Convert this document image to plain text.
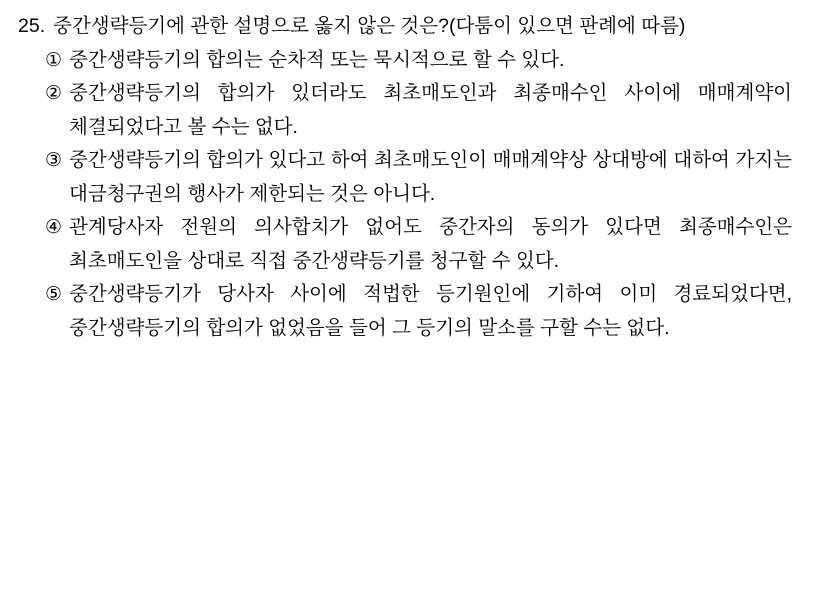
25. 중간생략등기에 관한 설명으로 옳지 않은 것은?(다툼이 있으면 판례에 따름)
① 중간생략등기의 합의는 순차적 또는 묵시적으로 할 수 있다.
② 중간생략등기의 합의가 있더라도 최초매도인과 최종매수인 사이에 매매계약이 체결되었다고 볼 수는 없다.
③ 중간생략등기의 합의가 있다고 하여 최초매도인이 매매계약상 상대방에 대하여 가지는 대금청구권의 행사가 제한되는 것은 아니다.
④ 관계당사자 전원의 의사합치가 없어도 중간자의 동의가 있다면 최종매수인은 최초매도인을 상대로 직접 중간생략등기를 청구할 수 있다.
⑤ 중간생략등기가 당사자 사이에 적법한 등기원인에 기하여 이미 경료되었다면, 중간생략등기의 합의가 없었음을 들어 그 등기의 말소를 구할 수는 없다.
